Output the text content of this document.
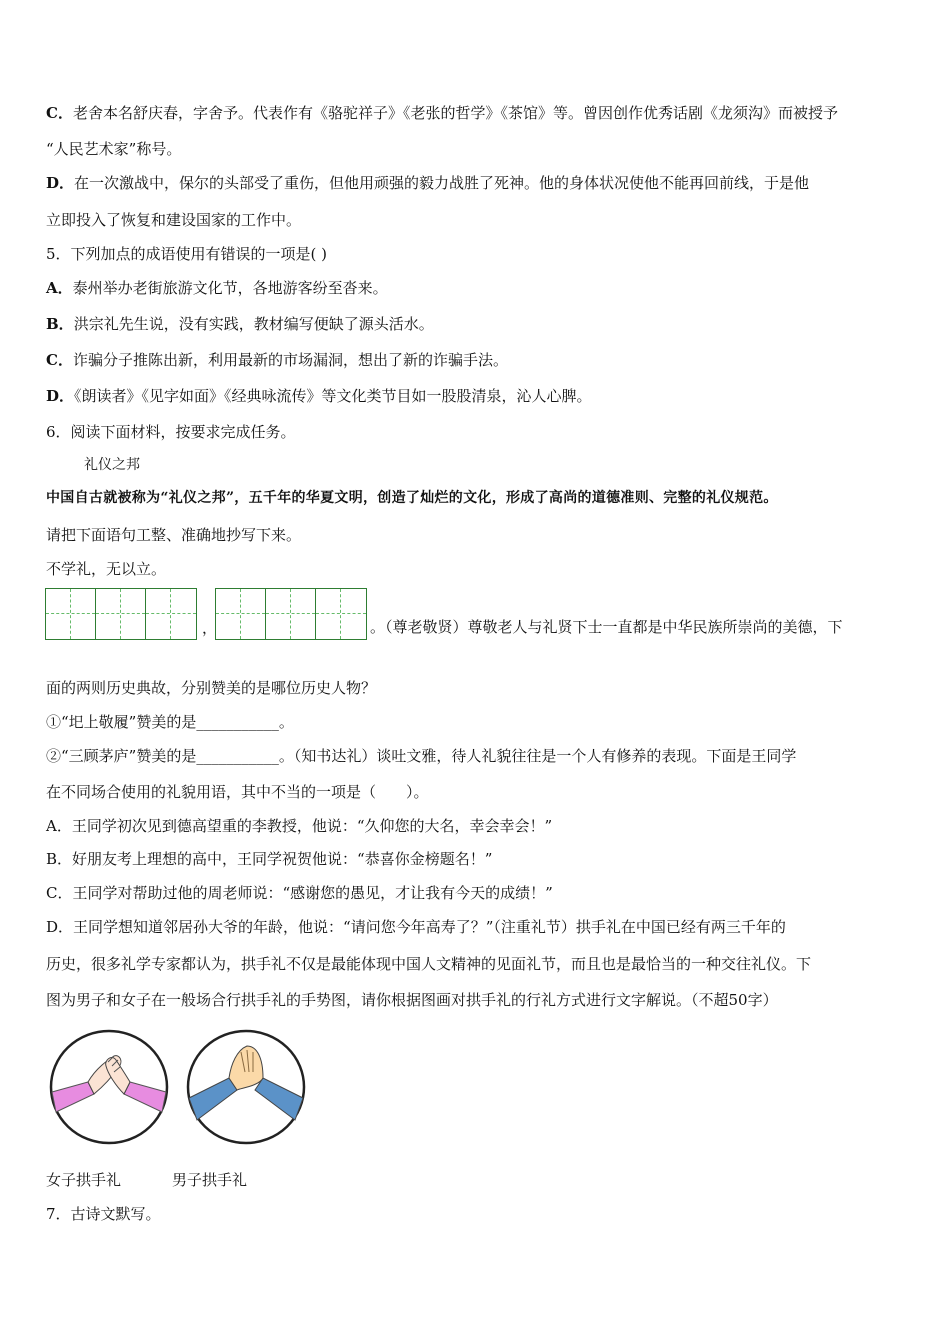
C．老舍本名舒庆春，字舍予。代表作有《骆驼祥子》《老张的哲学》《茶馆》等。曾因创作优秀话剧《龙须沟》而被授予
“人民艺术家”称号。
D．在一次激战中，保尔的头部受了重伤，但他用顽强的毅力战胜了死神。他的身体状况使他不能再回前线，于是他
立即投入了恢复和建设国家的工作中。
5．下列加点的成语使用有错误的一项是( )
A．泰州举办老街旅游文化节，各地游客纷至沓来。
B．洪宗礼先生说，没有实践，教材编写便缺了源头活水。
C．诈骗分子推陈出新，利用最新的市场漏洞，想出了新的诈骗手法。
D．《朗读者》《见字如面》《经典咏流传》等文化类节目如一股股清泉，沁人心脾。
6．阅读下面材料，按要求完成任务。
礼仪之邦
中国自古就被称为“礼仪之邦”，五千年的华夏文明，创造了灿烂的文化，形成了高尚的道德准则、完整的礼仪规范。
请把下面语句工整、准确地抄写下来。
不学礼，无以立。
，	。（尊老敬贤）尊敬老人与礼贤下士一直都是中华民族所崇尚的美德，下
面的两则历史典故，分别赞美的是哪位历史人物？
①“圯上敬履”赞美的是___________。
②“三顾茅庐”赞美的是___________。（知书达礼）谈吐文雅，待人礼貌往往是一个人有修养的表现。下面是王同学
在不同场合使用的礼貌用语，其中不当的一项是（　　）。
A．王同学初次见到德高望重的李教授，他说：“久仰您的大名，幸会幸会！”
B．好朋友考上理想的高中，王同学祝贺他说：“恭喜你金榜题名！”
C．王同学对帮助过他的周老师说：“感谢您的愚见，才让我有今天的成绩！”
D．王同学想知道邻居孙大爷的年龄，他说：“请问您今年高寿了？”（注重礼节）拱手礼在中国已经有两三千年的
历史，很多礼学专家都认为，拱手礼不仅是最能体现中国人文精神的见面礼节，而且也是最恰当的一种交往礼仪。下
图为男子和女子在一般场合行拱手礼的手势图，请你根据图画对拱手礼的行礼方式进行文字解说。（不超50字）
女子拱手礼	男子拱手礼
7．古诗文默写。
